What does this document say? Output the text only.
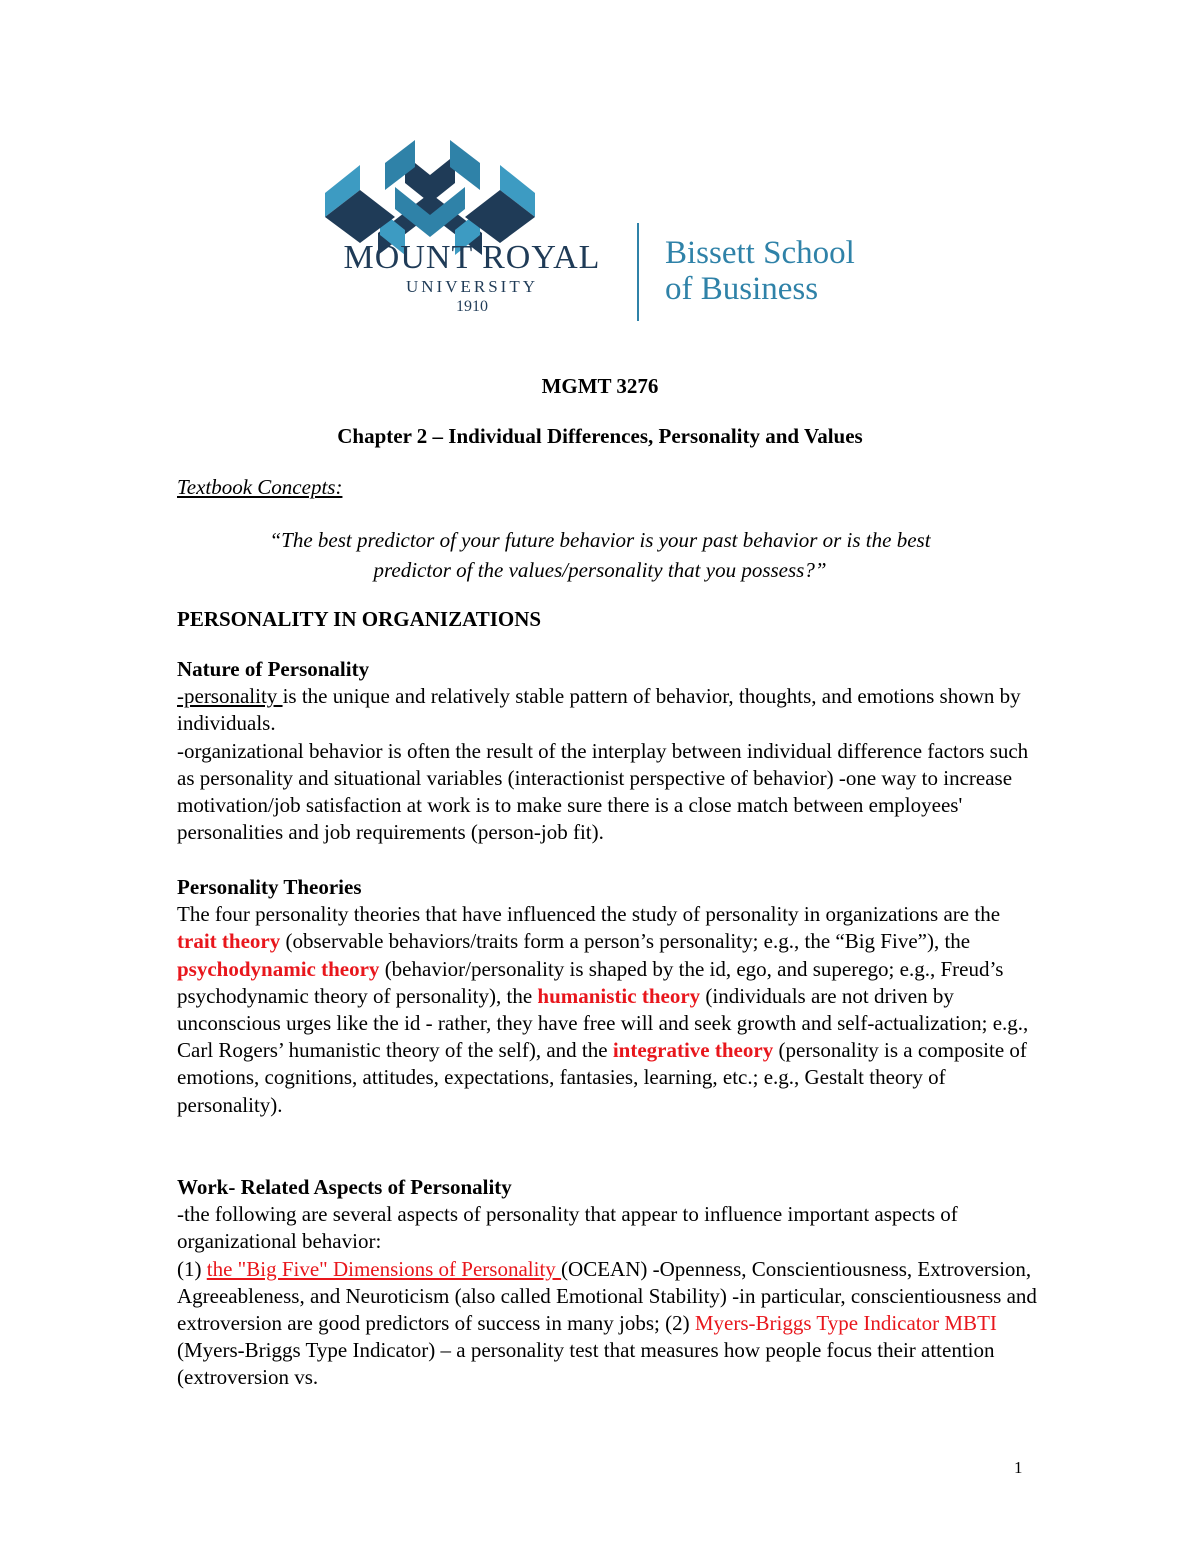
MOUNT ROYAL
UNIVERSITY
1910
Bissett School
of Business
MGMT 3276
Chapter 2 – Individual Differences, Personality and Values
Textbook Concepts:
“The best predictor of your future behavior is your past behavior or is the best
predictor of the values/personality that you possess?”
PERSONALITY IN ORGANIZATIONS

Nature of Personality

-personality is the unique and relatively stable pattern of behavior, thoughts, and emotions shown by individuals.

-organizational behavior is often the result of the interplay between individual difference factors such as personality and situational variables (interactionist perspective of behavior) -one way to increase motivation/job satisfaction at work is to make sure there is a close match between employees' personalities and job requirements (person-job fit).

Personality Theories

The four personality theories that have influenced the study of personality in organizations are the trait theory (observable behaviors/traits form a person’s personality; e.g., the “Big Five”), the psychodynamic theory (behavior/personality is shaped by the id, ego, and superego; e.g., Freud’s psychodynamic theory of personality), the humanistic theory (individuals are not driven by unconscious urges like the id - rather, they have free will and seek growth and self-actualization; e.g., Carl Rogers’ humanistic theory of the self), and the integrative theory (personality is a composite of emotions, cognitions, attitudes, expectations, fantasies, learning, etc.; e.g., Gestalt theory of personality).

Work- Related Aspects of Personality

-the following are several aspects of personality that appear to influence important aspects of organizational behavior:

(1) the "Big Five" Dimensions of Personality (OCEAN) -Openness, Conscientiousness, Extroversion, Agreeableness, and Neuroticism (also called Emotional Stability) -in particular, conscientiousness and extroversion are good predictors of success in many jobs; (2) Myers-Briggs Type Indicator MBTI (Myers-Briggs Type Indicator) – a personality test that measures how people focus their attention (extroversion vs.

1
